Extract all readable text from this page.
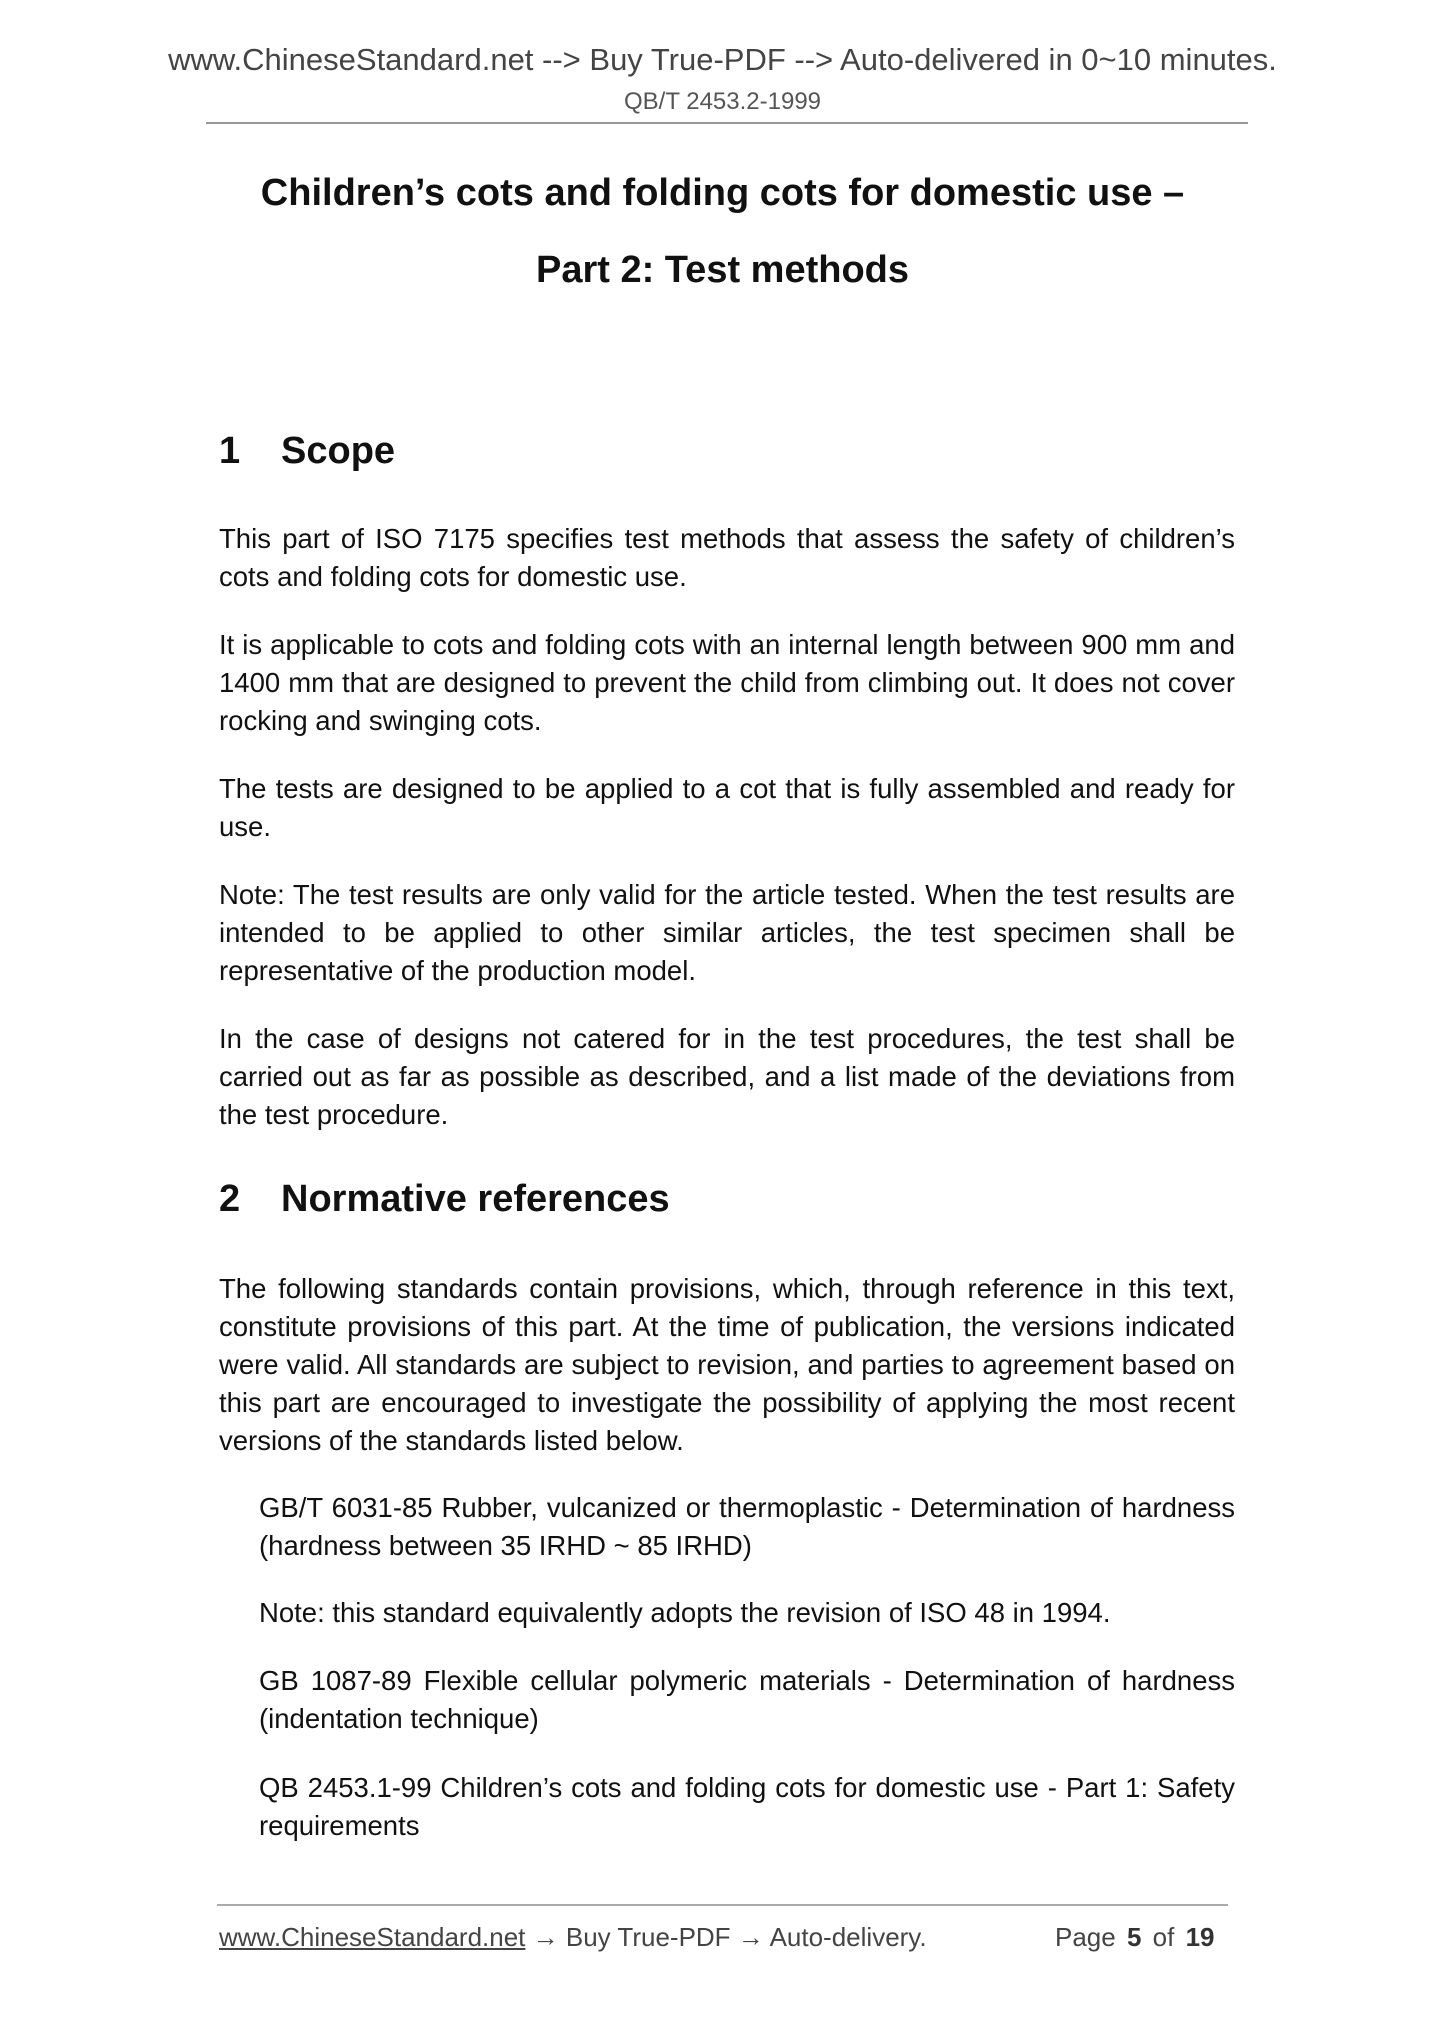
www.ChineseStandard.net --> Buy True-PDF --> Auto-delivered in 0~10 minutes.
QB/T 2453.2-1999
Children’s cots and folding cots for domestic use –
Part 2: Test methods
1 Scope
This part of ISO 7175 specifies test methods that assess the safety of children’s cots and folding cots for domestic use.
It is applicable to cots and folding cots with an internal length between 900 mm and 1400 mm that are designed to prevent the child from climbing out. It does not cover rocking and swinging cots.
The tests are designed to be applied to a cot that is fully assembled and ready for use.
Note: The test results are only valid for the article tested. When the test results are intended to be applied to other similar articles, the test specimen shall be representative of the production model.
In the case of designs not catered for in the test procedures, the test shall be carried out as far as possible as described, and a list made of the deviations from the test procedure.
2 Normative references
The following standards contain provisions, which, through reference in this text, constitute provisions of this part. At the time of publication, the versions indicated were valid. All standards are subject to revision, and parties to agreement based on this part are encouraged to investigate the possibility of applying the most recent versions of the standards listed below.
GB/T 6031-85 Rubber, vulcanized or thermoplastic - Determination of hardness (hardness between 35 IRHD ~ 85 IRHD)
Note: this standard equivalently adopts the revision of ISO 48 in 1994.
GB 1087-89 Flexible cellular polymeric materials - Determination of hardness (indentation technique)
QB 2453.1-99 Children’s cots and folding cots for domestic use - Part 1: Safety requirements
www.ChineseStandard.net → Buy True-PDF → Auto-delivery.	Page 5 of 19
